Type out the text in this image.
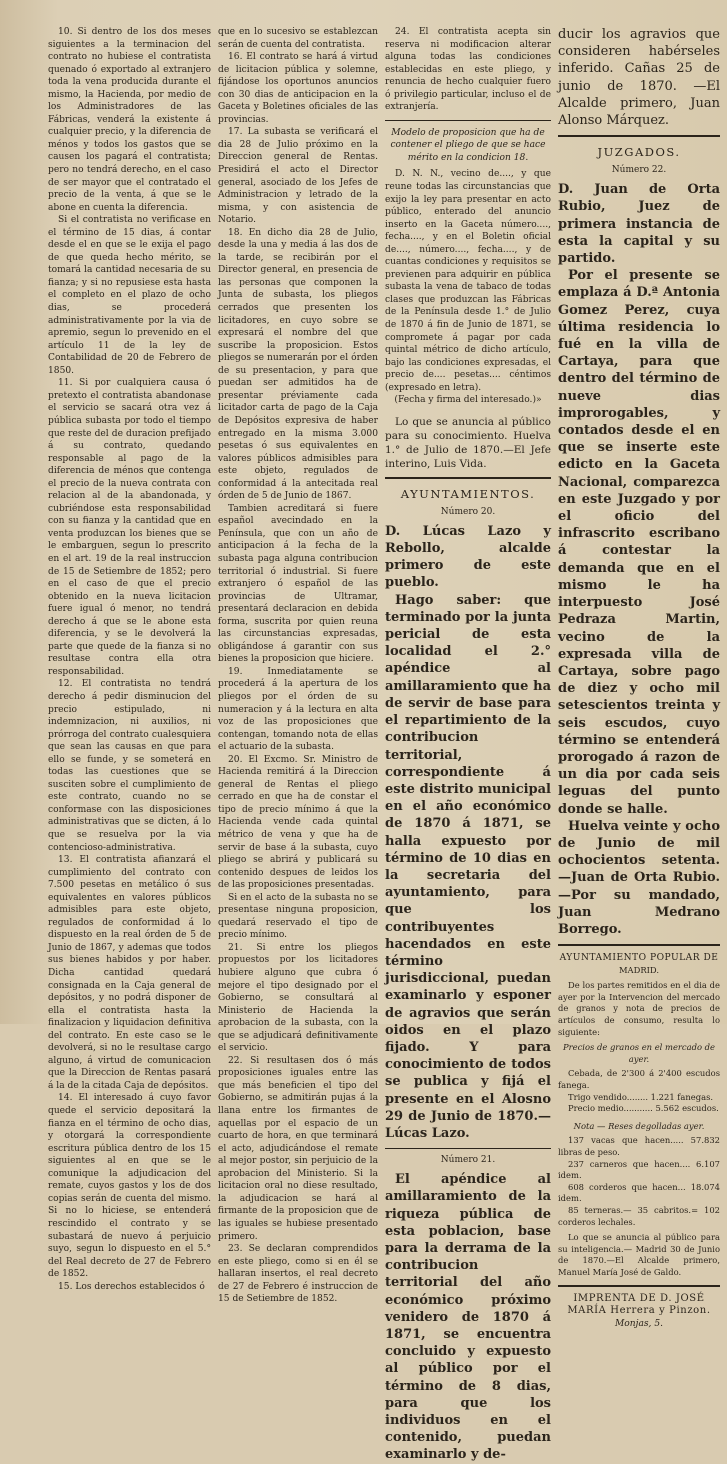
10. Si dentro de los dos meses siguientes a la terminacion del contrato no hubiese el contratista quenado ó exportado al extranjero toda la vena producida durante el mismo, la Hacienda, por medio de los Administradores de las Fábricas, venderá la existente á cualquier precio, y la diferencia de ménos y todos los gastos que se causen los pagará el contratista; pero no tendrá derecho, en el caso de ser mayor que el contratado el precio de la venta, á que se le abone en cuenta la diferencia.

Si el contratista no verificase en el término de 15 dias, á contar desde el en que se le exija el pago de que queda hecho mérito, se tomará la cantidad necesaria de su fianza; y si no repusiese esta hasta el completo en el plazo de ocho dias, se procederá administrativamente por la via de apremio, segun lo prevenido en el artículo 11 de la ley de Contabilidad de 20 de Febrero de 1850.

11. Si por cualquiera causa ó pretexto el contratista abandonase el servicio se sacará otra vez á pública subasta por todo el tiempo que reste del de duracion prefijado á su contrato, quedando responsable al pago de la diferencia de ménos que contenga el precio de la nueva contrata con relacion al de la abandonada, y cubriéndose esta responsabilidad con su fianza y la cantidad que en venta produzcan los bienes que se le embarguen, segun lo prescrito en el art. 19 de la real instruccion de 15 de Setiembre de 1852; pero en el caso de que el precio obtenido en la nueva licitacion fuere igual ó menor, no tendrá derecho á que se le abone esta diferencia, y se le devolverá la parte que quede de la fianza si no resultase contra ella otra responsabilidad.

12. El contratista no tendrá derecho á pedir disminucion del precio estipulado, ni indemnizacion, ni auxilios, ni prórroga del contrato cualesquiera que sean las causas en que para ello se funde, y se someterá en todas las cuestiones que se susciten sobre el cumplimiento de este contrato, cuando no se conformase con las disposiciones administrativas que se dicten, á lo que se resuelva por la via contencioso-administrativa.

13. El contratista afianzará el cumplimiento del contrato con 7.500 pesetas en metálico ó sus equivalentes en valores públicos admisibles para este objeto, regulados de conformidad á lo dispuesto en la real órden de 5 de Junio de 1867, y ademas que todos sus bienes habidos y por haber. Dicha cantidad quedará consignada en la Caja general de depósitos, y no podrá disponer de ella el contratista hasta la finalizacion y liquidacion definitiva del contrato. En este caso se le devolverá, si no le resultase cargo alguno, á virtud de comunicacion que la Direccion de Rentas pasará á la de la citada Caja de depósitos.

14. El interesado á cuyo favor quede el servicio depositará la fianza en el término de ocho dias, y otorgará la correspondiente escritura pública dentro de los 15 siguientes al en que se le comunique la adjudicacion del remate, cuyos gastos y los de dos copias serán de cuenta del mismo. Si no lo hiciese, se entenderá rescindido el contrato y se subastará de nuevo á perjuicio suyo, segun lo dispuesto en el 5.° del Real decreto de 27 de Febrero de 1852.

15. Los derechos establecidos ó

que en lo sucesivo se establezcan serán de cuenta del contratista.

16. El contrato se hará á virtud de licitacion pública y solemne, fijándose los oportunos anuncios con 30 dias de anticipacion en la Gaceta y Boletines oficiales de las provincias.

17. La subasta se verificará el dia 28 de Julio próximo en la Direccion general de Rentas. Presidirá el acto el Director general, asociado de los Jefes de Administracion y letrado de la misma, y con asistencia de Notario.

18. En dicho dia 28 de Julio, desde la una y media á las dos de la tarde, se recibirán por el Director general, en presencia de las personas que componen la Junta de subasta, los pliegos cerrados que presenten los licitadores, en cuyo sobre se expresará el nombre del que suscribe la proposicion. Estos pliegos se numerarán por el órden de su presentacion, y para que puedan ser admitidos ha de presentar préviamente cada licitador carta de pago de la Caja de Depósitos expresiva de haber entregado en la misma 3.000 pesetas ó sus equivalentes en valores públicos admisibles para este objeto, regulados de conformidad á la antecitada real órden de 5 de Junio de 1867.

Tambien acreditará si fuere español avecindado en la Península, que con un año de anticipacion á la fecha de la subasta paga alguna contribucion territorial ó industrial. Si fuere extranjero ó español de las provincias de Ultramar, presentará declaracion en debida forma, suscrita por quien reuna las circunstancias expresadas, obligándose á garantir con sus bienes la proposicion que hiciere.

19. Inmediatamente se procederá á la apertura de los pliegos por el órden de su numeracion y á la lectura en alta voz de las proposiciones que contengan, tomando nota de ellas el actuario de la subasta.

20. El Excmo. Sr. Ministro de Hacienda remitirá á la Direccion general de Rentas el pliego cerrado en que ha de constar el tipo de precio mínimo á que la Hacienda vende cada quintal métrico de vena y que ha de servir de base á la subasta, cuyo pliego se abrirá y publicará su contenido despues de leidos los de las proposiciones presentadas.

Si en el acto de la subasta no se presentase ninguna proposicion, quedará reservado el tipo de precio mínimo.

21. Si entre los pliegos propuestos por los licitadores hubiere alguno que cubra ó mejore el tipo designado por el Gobierno, se consultará al Ministerio de Hacienda la aprobacion de la subasta, con la que se adjudicará definitivamente el servicio.

22. Si resultasen dos ó más proposiciones iguales entre las que más beneficien el tipo del Gobierno, se admitirán pujas á la llana entre los firmantes de aquellas por el espacio de un cuarto de hora, en que terminará el acto, adjudicándose el remate al mejor postor, sin perjuicio de la aprobacion del Ministerio. Si la licitacion oral no diese resultado, la adjudicacion se hará al firmante de la proposicion que de las iguales se hubiese presentado primero.

23. Se declaran comprendidos en este pliego, como si en él se hallaran insertos, el real decreto de 27 de Febrero é instruccion de 15 de Setiembre de 1852.

24. El contratista acepta sin reserva ni modificacion alterar alguna todas las condiciones establecidas en este pliego, y renuncia de hecho cualquier fuero ó privilegio particular, incluso el de extranjería.

Modelo de proposicion que ha de contener el pliego de que se hace mérito en la condicion 18.

D. N. N., vecino de...., y que reune todas las circunstancias que exijo la ley para presentar en acto público, enterado del anuncio inserto en la Gaceta número...., fecha...., y en el Boletin oficial de...., número...., fecha...., y de cuantas condiciones y requisitos se previenen para adquirir en pública subasta la vena de tabaco de todas clases que produzcan las Fábricas de la Península desde 1.° de Julio de 1870 á fin de Junio de 1871, se compromete á pagar por cada quintal métrico de dicho artículo, bajo las condiciones expresadas, el precio de.... pesetas.... céntimos (expresado en letra).

(Fecha y firma del interesado.)»

Lo que se anuncia al público para su conocimiento. Huelva 1.° de Julio de 1870.—El Jefe interino, Luis Vida.

AYUNTAMIENTOS.
Número 20.

D. Lúcas Lazo y Rebollo, alcalde primero de este pueblo.

Hago saber: que terminado por la junta pericial de esta localidad el 2.° apéndice al amillaramiento que ha de servir de base para el repartimiento de la contribucion territorial, correspondiente á este distrito municipal en el año económico de 1870 á 1871, se halla expuesto por término de 10 dias en la secretaria del ayuntamiento, para que los contribuyentes hacendados en este término jurisdiccional, puedan examinarlo y esponer de agravios que serán oidos en el plazo fijado. Y para conocimiento de todos se publica y fijá el presente en el Alosno 29 de Junio de 1870.—Lúcas Lazo.

Número 21.

El apéndice al amillaramiento de la riqueza pública de esta poblacion, base para la derrama de la contribucion territorial del año económico próximo venidero de 1870 á 1871, se encuentra concluido y expuesto al público por el término de 8 dias, para que los individuos en el contenido, puedan examinarlo y de-

ducir los agravios que consideren habérseles inferido. Cañas 25 de junio de 1870. —El Alcalde primero, Juan Alonso Márquez.

JUZGADOS.
Número 22.

D. Juan de Orta Rubio, Juez de primera instancia de esta la capital y su partido.

Por el presente se emplaza á D.ª Antonia Gomez Perez, cuya última residencia lo fué en la villa de Cartaya, para que dentro del término de nueve dias improrogables, y contados desde el en que se inserte este edicto en la Gaceta Nacional, comparezca en este Juzgado y por el oficio del infrascrito escribano á contestar la demanda que en el mismo le ha interpuesto José Pedraza Martin, vecino de la expresada villa de Cartaya, sobre pago de diez y ocho mil setescientos treinta y seis escudos, cuyo término se entenderá prorogado á razon de un dia por cada seis leguas del punto donde se halle.

Huelva veinte y ocho de Junio de mil ochocientos setenta.—Juan de Orta Rubio.—Por su mandado, Juan Medrano Borrego.

AYUNTAMIENTO POPULAR DE
MADRID.

De los partes remitidos en el dia de ayer por la Intervencion del mercado de granos y nota de precios de artículos de consumo, resulta lo siguiente:

Precios de granos en el mercado de ayer.

Cebada, de 2'300 á 2'400 escudos fanega.

Trigo vendido........ 1.221 fanegas.

Precio medio........... 5.562 escudos.

Nota — Reses degolladas ayer.

137 vacas que hacen..... 57.832 libras de peso.

237 carneros que hacen.... 6.107 idem.

608 corderos que hacen... 18.074 idem.

85 terneras.— 35 cabritos.= 102 corderos lechales.

Lo que se anuncia al público para su inteligencia.— Madrid 30 de Junio de 1870.—El Alcalde primero, Manuel María José de Galdo.

IMPRENTA DE D. JOSÉ MARÍA Herrera y Pinzon.

Monjas, 5.
